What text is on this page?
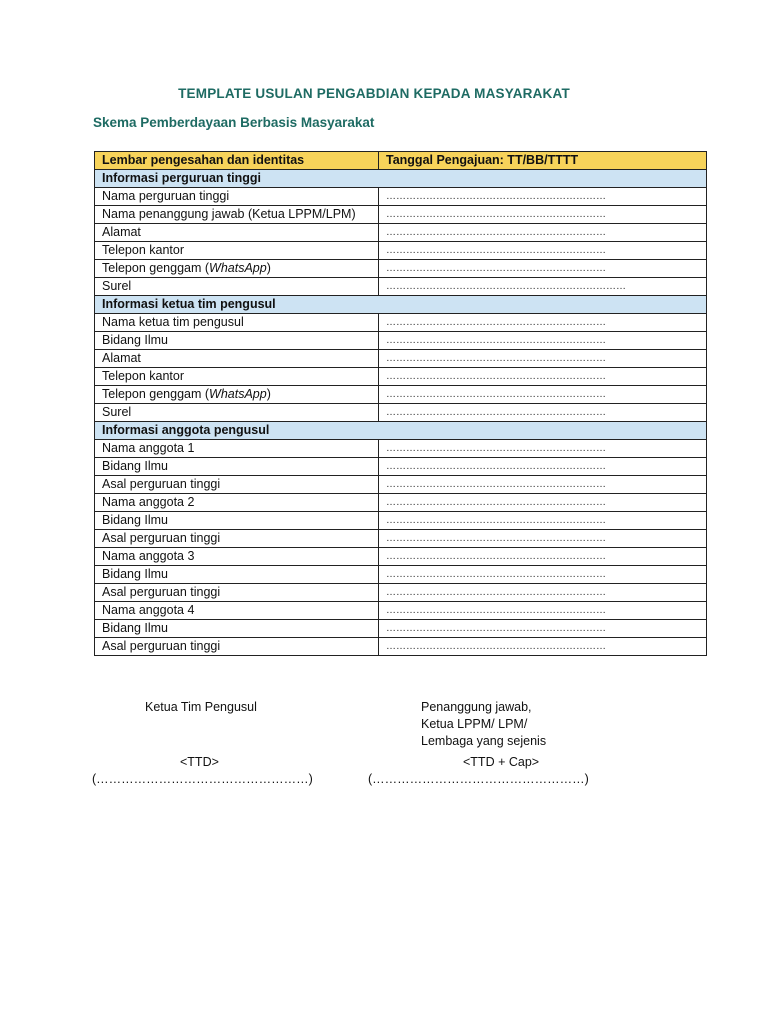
TEMPLATE USULAN PENGABDIAN KEPADA MASYARAKAT
Skema Pemberdayaan Berbasis Masyarakat
Lembar pengesahan dan identitas	Tanggal Pengajuan: TT/BB/TTTT
Informasi perguruan tinggi	
Nama perguruan tinggi	…………………………………………………………
Nama penanggung jawab (Ketua LPPM/LPM)	…………………………………………………………
Alamat	…………………………………………………………
Telepon kantor	…………………………………………………………
Telepon genggam (WhatsApp)	…………………………………………………………
Surel	………………………………………………………………
Informasi ketua tim pengusul	
Nama ketua tim pengusul	…………………………………………………………
Bidang Ilmu	…………………………………………………………
Alamat	…………………………………………………………
Telepon kantor	…………………………………………………………
Telepon genggam (WhatsApp)	…………………………………………………………
Surel	…………………………………………………………
Informasi anggota pengusul	
Nama anggota 1	…………………………………………………………
Bidang Ilmu	…………………………………………………………
Asal perguruan tinggi	…………………………………………………………
Nama anggota 2	…………………………………………………………
Bidang Ilmu	…………………………………………………………
Asal perguruan tinggi	…………………………………………………………
Nama anggota 3	…………………………………………………………
Bidang Ilmu	…………………………………………………………
Asal perguruan tinggi	…………………………………………………………
Nama anggota 4	…………………………………………………………
Bidang Ilmu	…………………………………………………………
Asal perguruan tinggi	…………………………………………………………
Ketua Tim Pengusul	Penanggung jawab,
Ketua LPPM/ LPM/
Lembaga yang sejenis
<TTD>	<TTD + Cap>
(……………………………………………)	(……………………………………………)
